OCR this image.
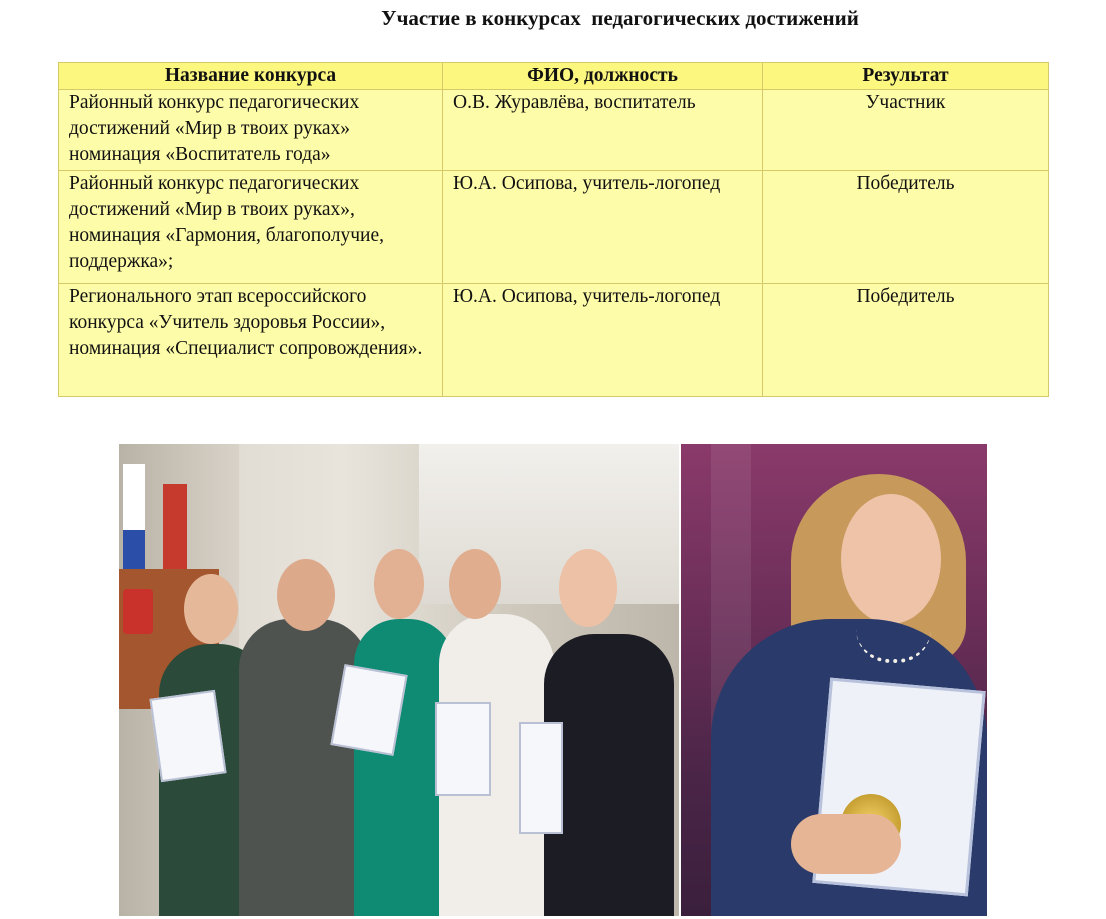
Участие в конкурсах  педагогических достижений
Название конкурса	ФИО, должность	Результат
Районный конкурс педагогических достижений «Мир в твоих руках» номинация «Воспитатель года»	О.В. Журавлёва, воспитатель	Участник
Районный конкурс педагогических достижений «Мир в твоих руках», номинация «Гармония, благополучие, поддержка»;	Ю.А. Осипова, учитель-логопед	Победитель
Регионального этап всероссийского конкурса «Учитель здоровья России», номинация «Специалист сопровождения».	Ю.А. Осипова, учитель-логопед	Победитель
